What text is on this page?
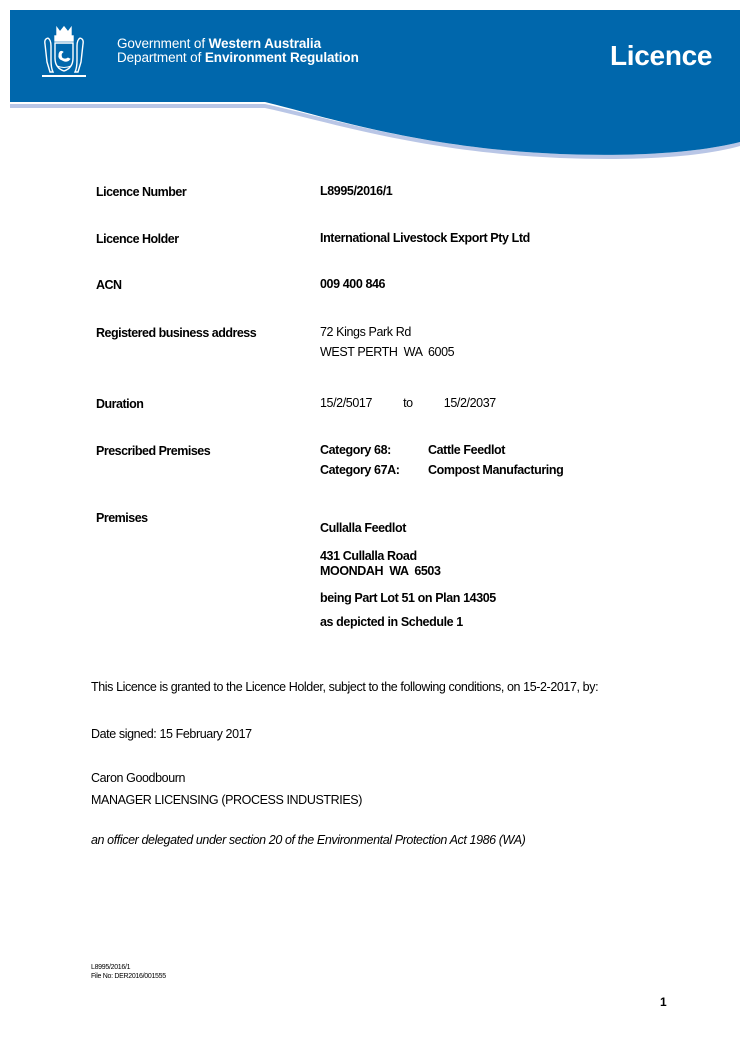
Government of Western Australia
Department of Environment Regulation	Licence
Licence Number	L8995/2016/1
Licence Holder	International Livestock Export Pty Ltd
ACN	009 400 846
Registered business address	72 Kings Park Rd
WEST PERTH  WA  6005
Duration	15/2/5017 to 15/2/2037
Prescribed Premises	Category 68:	Cattle Feedlot
Category 67A: Compost Manufacturing
Premises
Cullalla Feedlot
431 Cullalla Road
MOONDAH  WA  6503
being Part Lot 51 on Plan 14305
as depicted in Schedule 1
This Licence is granted to the Licence Holder, subject to the following conditions, on 15-2-2017, by:
Date signed: 15 February 2017
Caron Goodbourn
MANAGER LICENSING (PROCESS INDUSTRIES)
an officer delegated under section 20 of the Environmental Protection Act 1986 (WA)
L8995/2016/1
File No: DER2016/001555
1
